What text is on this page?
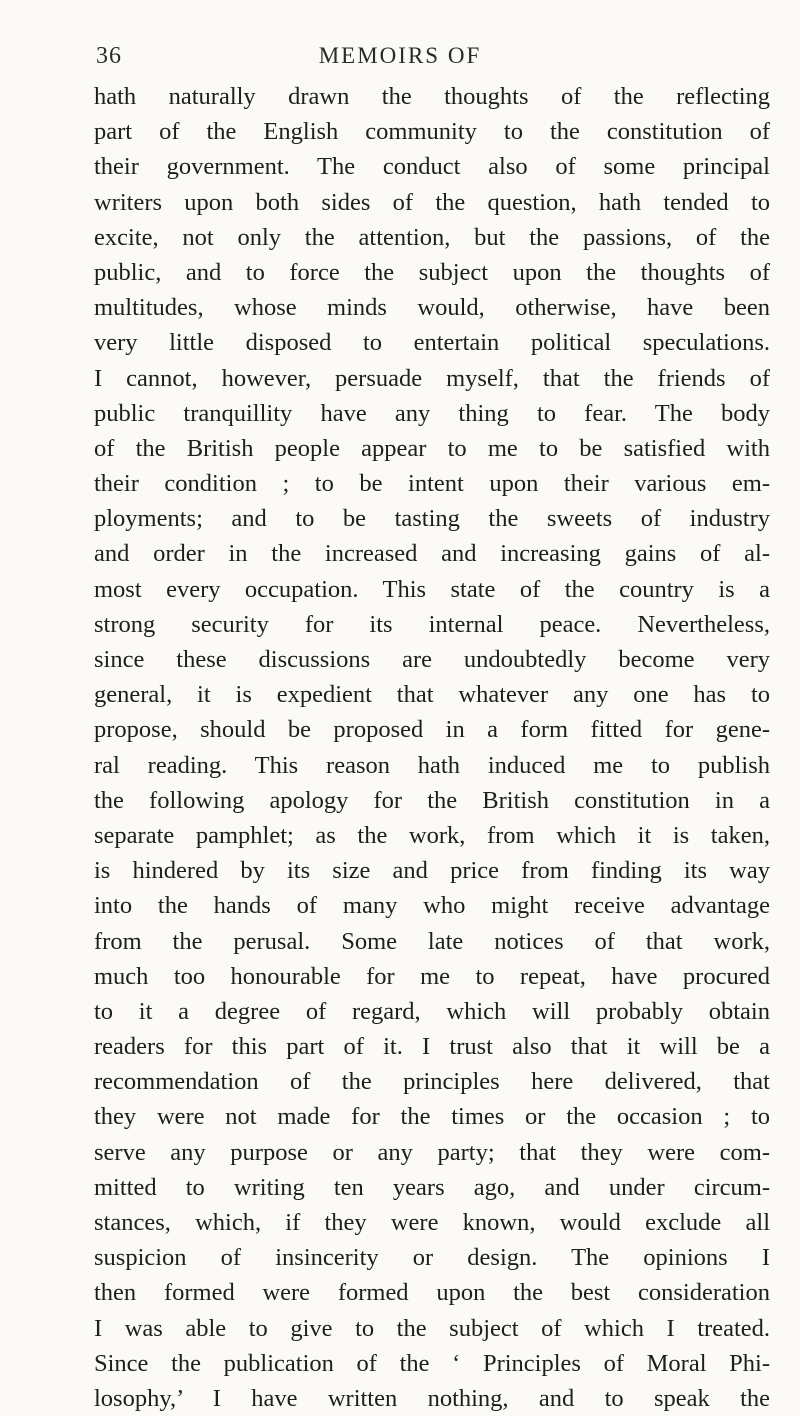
36	MEMOIRS OF
hath naturally drawn the thoughts of the reflecting
part of the English community to the constitution of
their government. The conduct also of some principal
writers upon both sides of the question, hath tended to
excite, not only the attention, but the passions, of the
public, and to force the subject upon the thoughts of
multitudes, whose minds would, otherwise, have been
very little disposed to entertain political speculations.
I cannot, however, persuade myself, that the friends of
public tranquillity have any thing to fear. The body
of the British people appear to me to be satisfied with
their condition ; to be intent upon their various em-
ployments; and to be tasting the sweets of industry
and order in the increased and increasing gains of al-
most every occupation. This state of the country is a
strong security for its internal peace. Nevertheless,
since these discussions are undoubtedly become very
general, it is expedient that whatever any one has to
propose, should be proposed in a form fitted for gene-
ral reading. This reason hath induced me to publish
the following apology for the British constitution in a
separate pamphlet; as the work, from which it is taken,
is hindered by its size and price from finding its way
into the hands of many who might receive advantage
from the perusal. Some late notices of that work,
much too honourable for me to repeat, have procured
to it a degree of regard, which will probably obtain
readers for this part of it. I trust also that it will be a
recommendation of the principles here delivered, that
they were not made for the times or the occasion ; to
serve any purpose or any party; that they were com-
mitted to writing ten years ago, and under circum-
stances, which, if they were known, would exclude all
suspicion of insincerity or design. The opinions I
then formed were formed upon the best consideration
I was able to give to the subject of which I treated.
Since the publication of the ‘ Principles of Moral Phi-
losophy,’ I have written nothing, and to speak the
